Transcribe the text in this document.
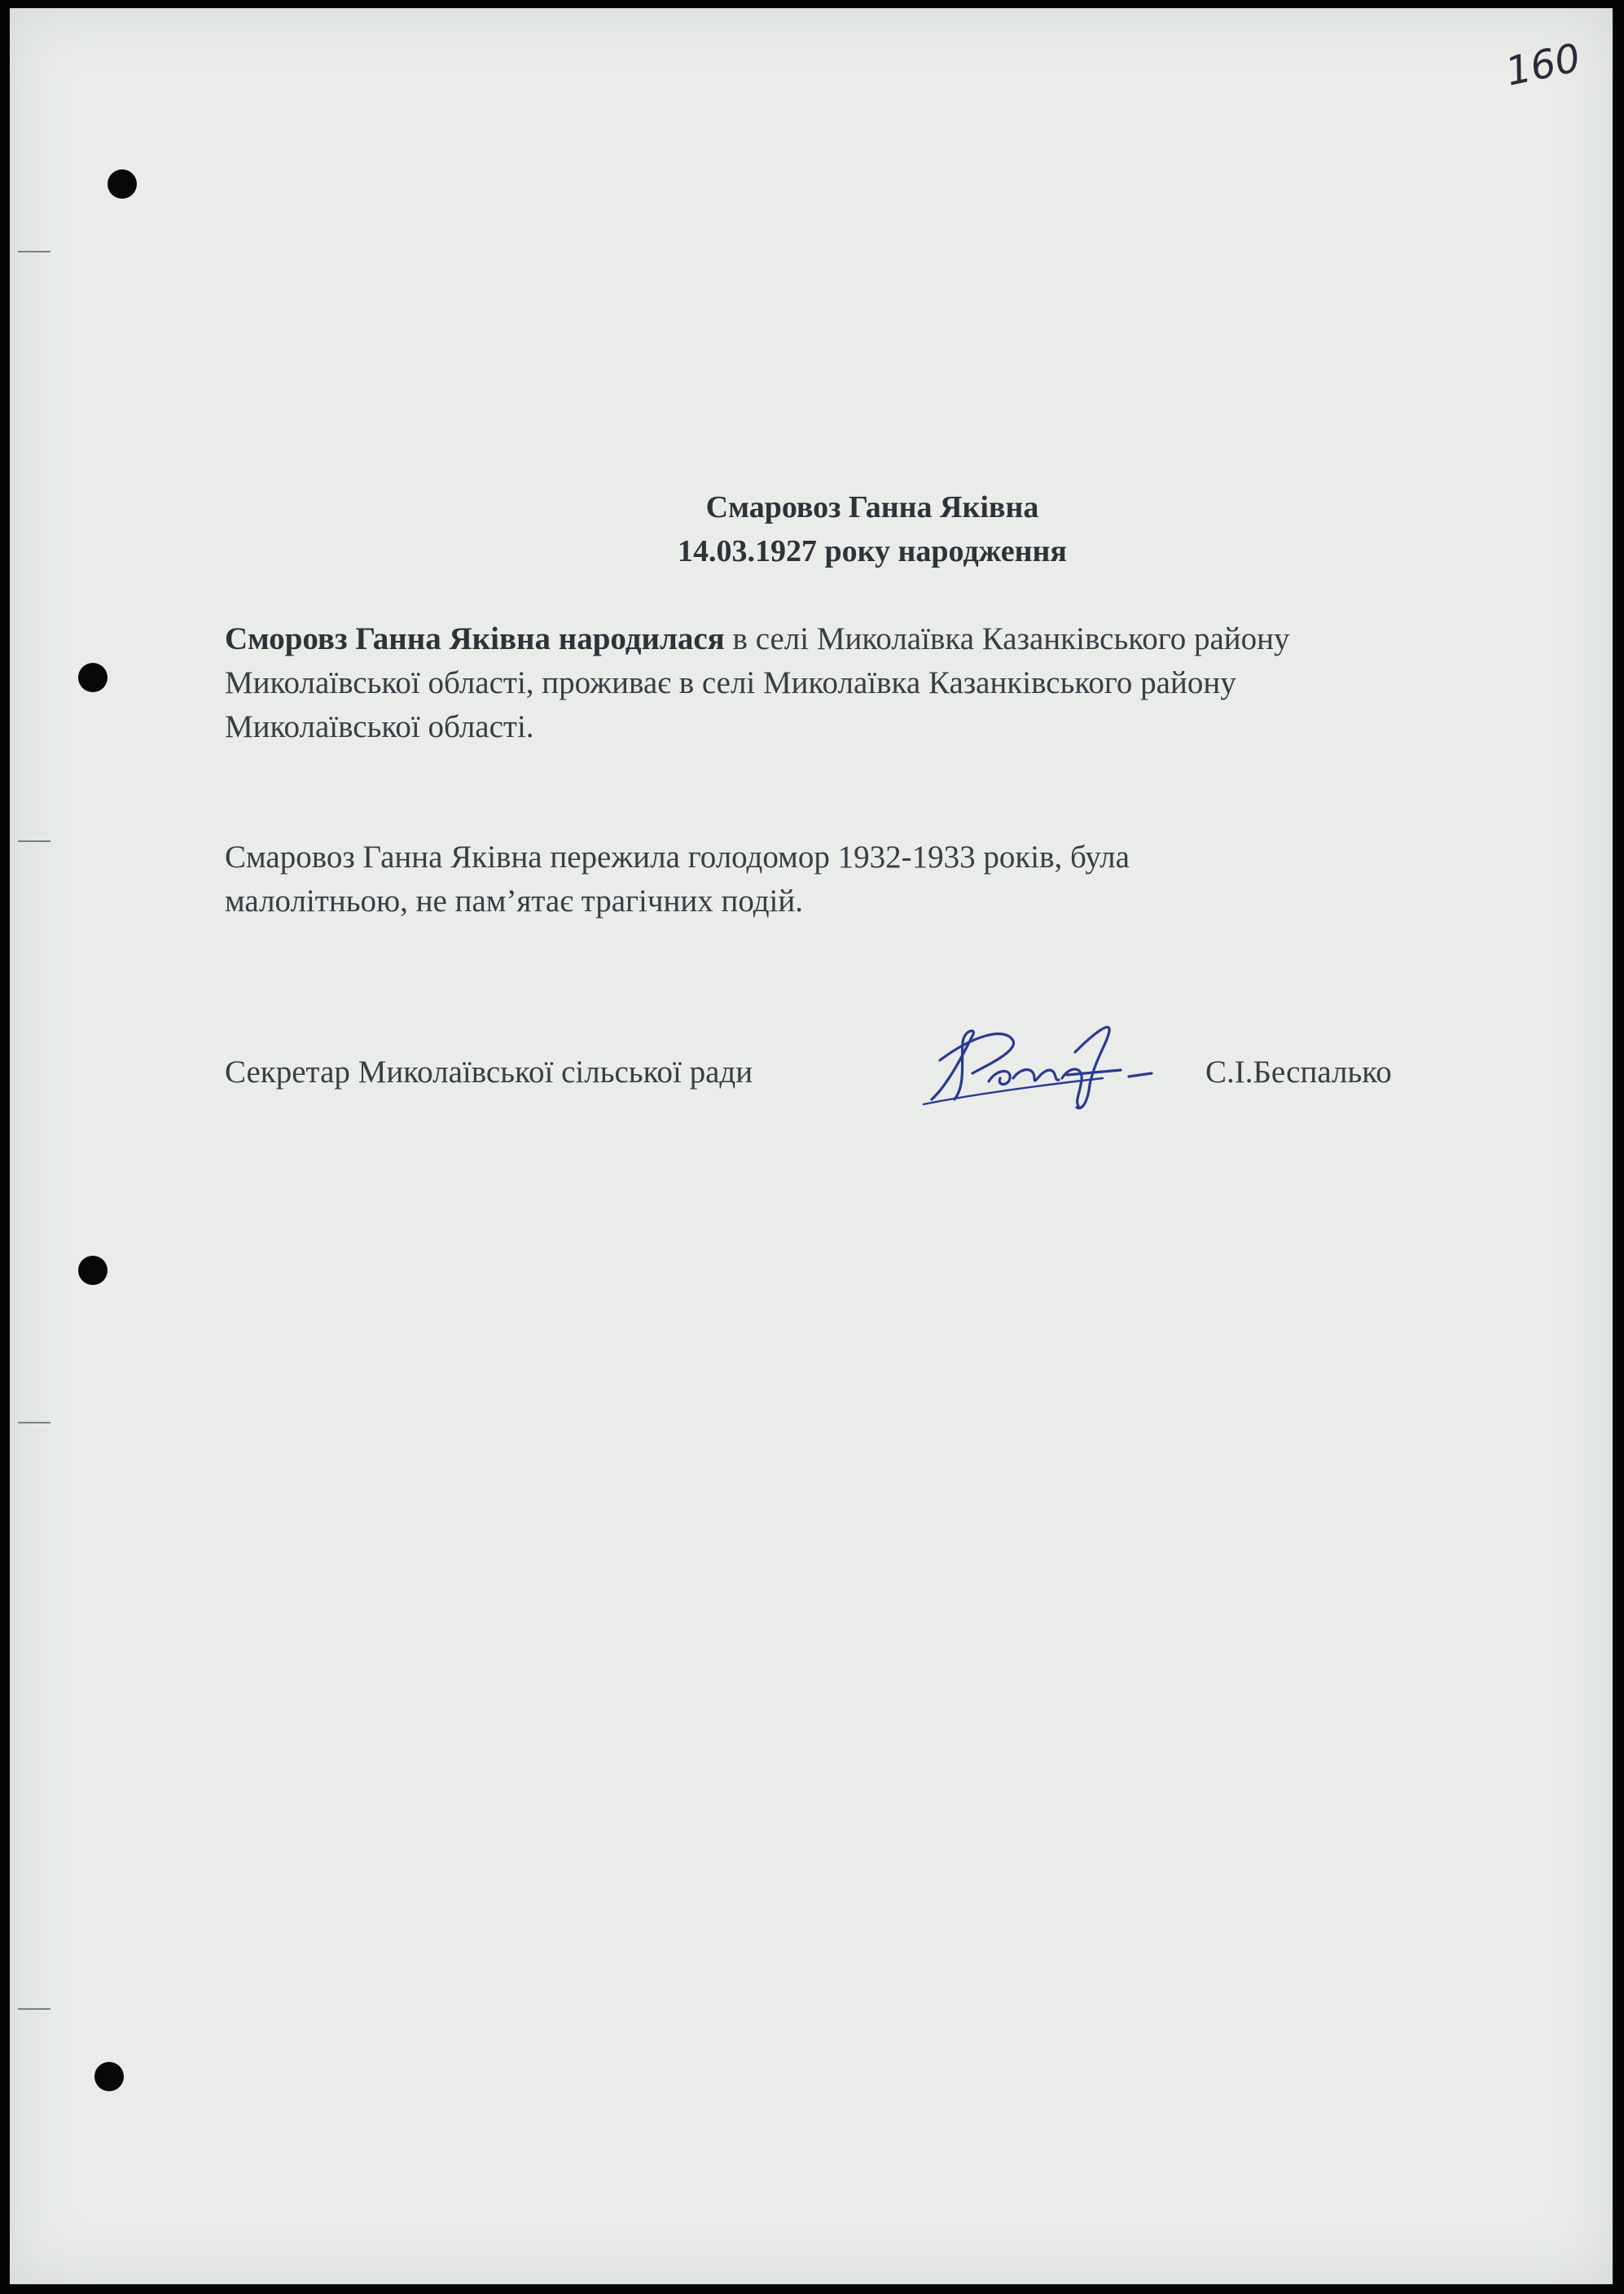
160
Смаровоз Ганна Яківна
14.03.1927 року народження
Сморовз Ганна Яківна народилася в селі Миколаївка Казанківського району
Миколаївської області, проживає в селі Миколаївка Казанківського району
Миколаївської області.
Смаровоз Ганна Яківна пережила голодомор 1932-1933 років, була
малолітньою, не пам’ятає трагічних подій.
Секретар Миколаївської сільської ради	С.І.Беспалько
